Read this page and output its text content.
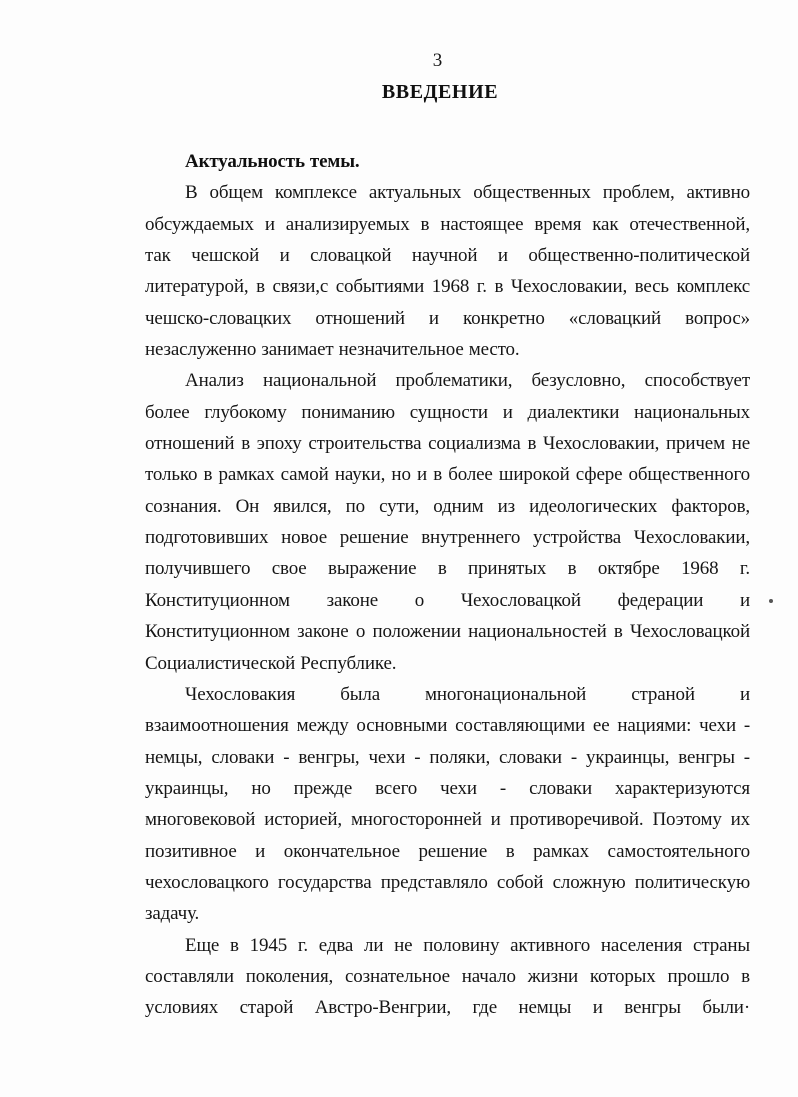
3
ВВЕДЕНИЕ
Актуальность темы.
В общем комплексе актуальных общественных проблем, активно
обсуждаемых и анализируемых в настоящее время как отечественной,
так чешской и словацкой научной и общественно-политической
литературой, в связи,с событиями 1968 г. в Чехословакии, весь комплекс
чешско-словацких отношений и конкретно «словацкий вопрос»
незаслуженно занимает незначительное место.
Анализ национальной проблематики, безусловно, способствует
более глубокому пониманию сущности и диалектики национальных
отношений в эпоху строительства социализма в Чехословакии, причем не
только в рамках самой науки, но и в более широкой сфере общественного
сознания. Он явился, по сути, одним из идеологических факторов,
подготовивших новое решение внутреннего устройства Чехословакии,
получившего свое выражение в принятых в октябре 1968 г.
Конституционном законе о Чехословацкой федерации и
Конституционном законе о положении национальностей в Чехословацкой
Социалистической Республике.
Чехословакия была многонациональной страной и
взаимоотношения между основными составляющими ее нациями: чехи -
немцы, словаки - венгры, чехи - поляки, словаки - украинцы, венгры -
украинцы, но прежде всего чехи - словаки характеризуются
многовековой историей, многосторонней и противоречивой. Поэтому их
позитивное и окончательное решение в рамках самостоятельного
чехословацкого государства представляло собой сложную политическую
задачу.
Еще в 1945 г. едва ли не половину активного населения страны
составляли поколения, сознательное начало жизни которых прошло в
условиях старой Австро-Венгрии, где немцы и венгры были·
